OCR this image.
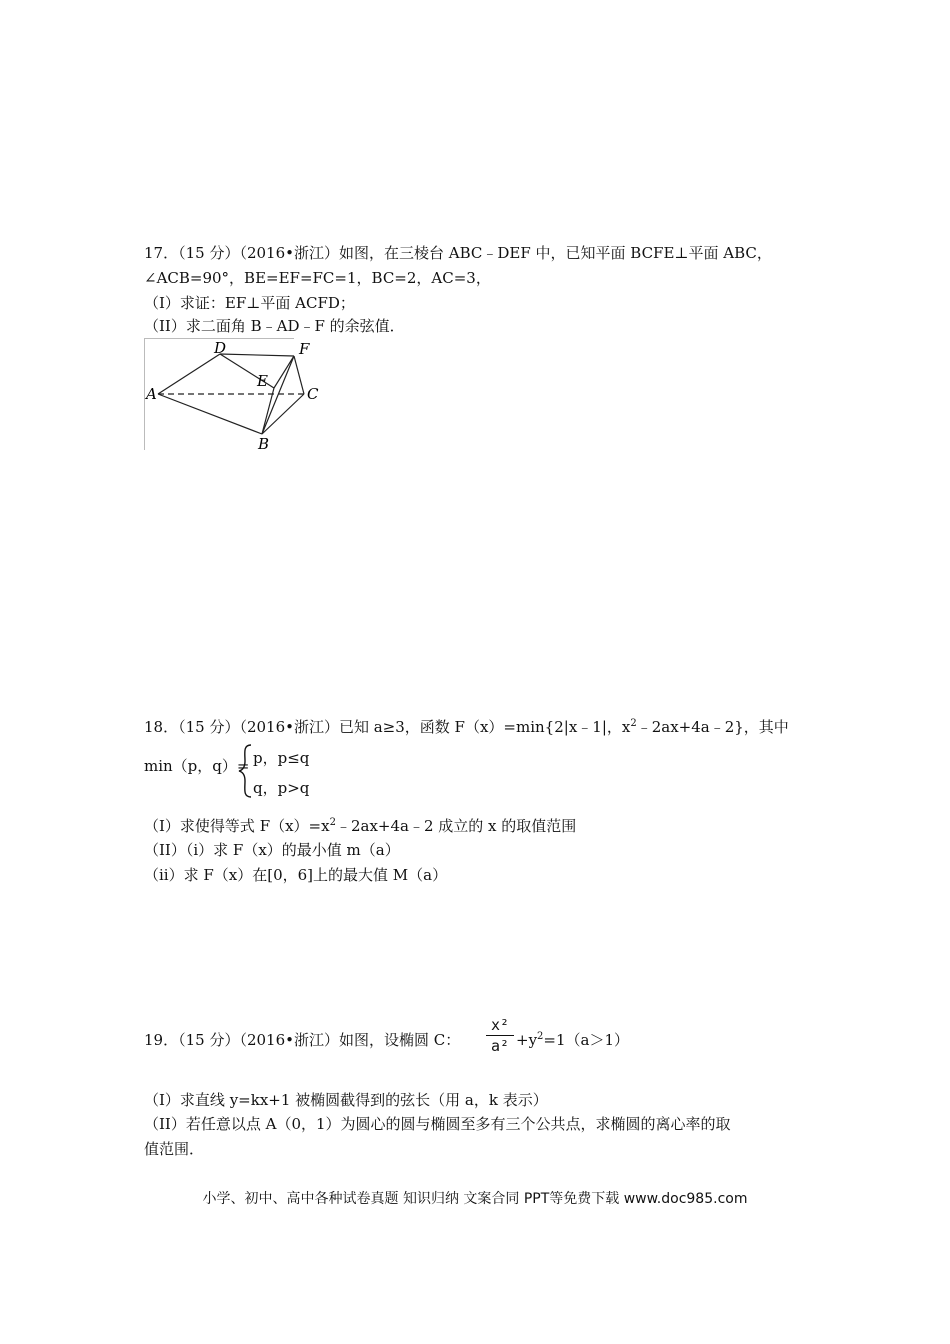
17．（15 分）（2016•浙江）如图，在三棱台 ABC﹣DEF 中，已知平面 BCFE⊥平面 ABC，
∠ACB=90°，BE=EF=FC=1，BC=2，AC=3，
（I）求证：EF⊥平面 ACFD；
（II）求二面角 B﹣AD﹣F 的余弦值．
A
B
C
D
E
F
18．（15 分）（2016•浙江）已知 a≥3，函数 F（x）=min{2|x﹣1|，$x^2﹣2ax+4a﹣2$}，其中
min（p，q）= p，p≤q
q，p>q
（I）求使得等式 $F(x)=x^2﹣2ax+4a﹣2$ 成立的 x 的取值范围
（II）（i）求 F（x）的最小值 m（a）
（ii）求 F（x）在[0，6]上的最大值 M（a）
19．（15 分）（2016•浙江）如图，设椭圆 C：
x²
$a^2 +y^2=1(a>1)$
（I）求直线 y=kx+1 被椭圆截得到的弦长（用 a，k 表示）
（II）若任意以点 A（0，1）为圆心的圆与椭圆至多有三个公共点，求椭圆的离心率的取
值范围．
小学、初中、高中各种试卷真题 知识归纳 文案合同 PPT等免费下载 www.doc985.com
